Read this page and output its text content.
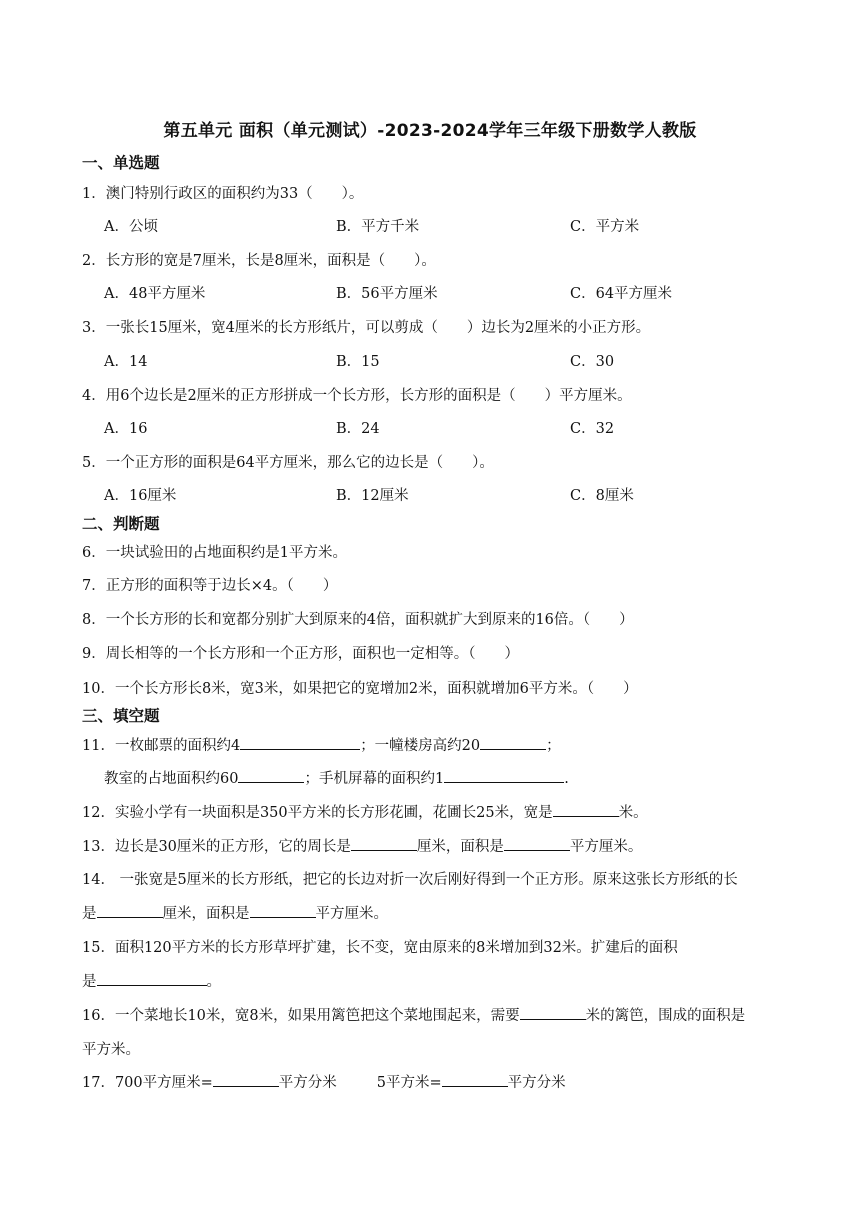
第五单元 面积（单元测试）-2023-2024学年三年级下册数学人教版
一、单选题
1．澳门特别行政区的面积约为33（　　）。
A．公顷	B．平方千米	C．平方米
2．长方形的宽是7厘米，长是8厘米，面积是（　　）。
A．48平方厘米	B．56平方厘米	C．64平方厘米
3．一张长15厘米，宽4厘米的长方形纸片，可以剪成（　　）边长为2厘米的小正方形。
A．14	B．15	C．30
4．用6个边长是2厘米的正方形拼成一个长方形，长方形的面积是（　　）平方厘米。
A．16	B．24	C．32
5．一个正方形的面积是64平方厘米，那么它的边长是（　　）。
A．16厘米	B．12厘米	C．8厘米
二、判断题
6．一块试验田的占地面积约是1平方米。
7．正方形的面积等于边长×4。（　　）
8．一个长方形的长和宽都分别扩大到原来的4倍，面积就扩大到原来的16倍。（　　）
9．周长相等的一个长方形和一个正方形，面积也一定相等。（　　）
10．一个长方形长8米，宽3米，如果把它的宽增加2米，面积就增加6平方米。（　　）
三、填空题
11．一枚邮票的面积约4	；一幢楼房高约20	；
教室的占地面积约60	；手机屏幕的面积约1	.
12．实验小学有一块面积是350平方米的长方形花圃，花圃长25米，宽是	米。
13．边长是30厘米的正方形，它的周长是	厘米，面积是	平方厘米。
14． 一张宽是5厘米的长方形纸，把它的长边对折一次后刚好得到一个正方形。原来这张长方形纸的长
是	厘米，面积是	平方厘米。
15．面积120平方米的长方形草坪扩建，长不变，宽由原来的8米增加到32米。扩建后的面积
是	。
16．一个菜地长10米，宽8米，如果用篱笆把这个菜地围起来，需要	米的篱笆，围成的面积是
平方米。
17．700平方厘米=	平方分米	5平方米=	平方分米
